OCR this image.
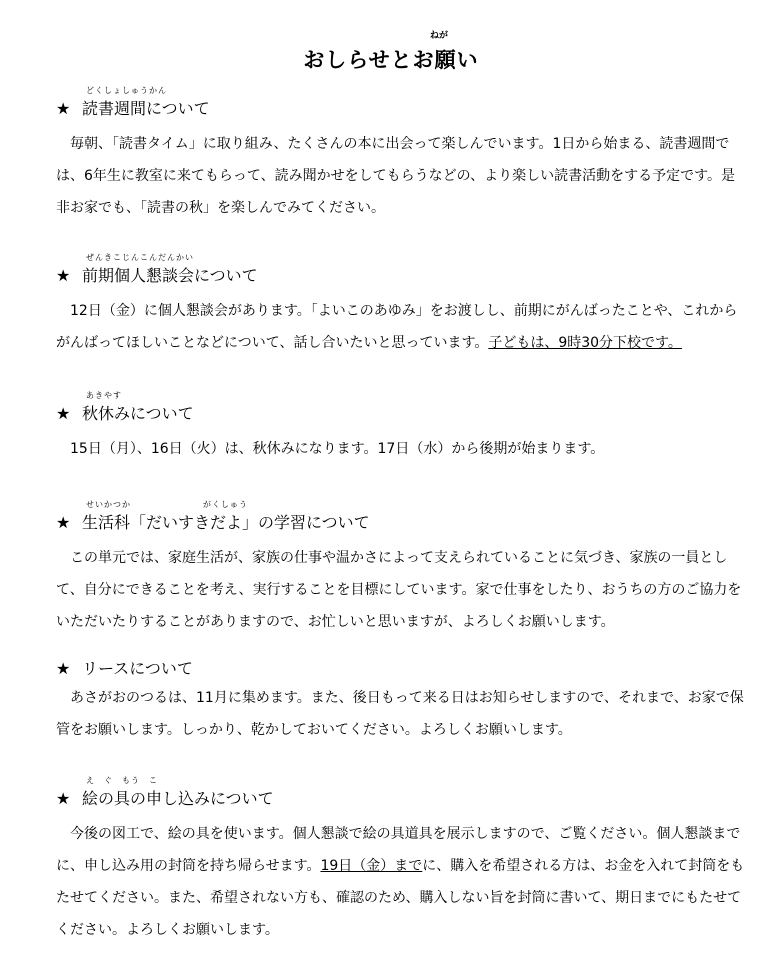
ねが
おしらせとお願い
どくしょしゅうかん
★ 読書週間について

毎朝、「読書タイム」に取り組み、たくさんの本に出会って楽しんでいます。1日から始まる、読書週間では、6年生に教室に来てもらって、読み聞かせをしてもらうなどの、より楽しい読書活動をする予定です。是非お家でも、「読書の秋」を楽しんでみてください。

ぜんきこじんこんだんかい
★ 前期個人懇談会について

12日（金）に個人懇談会があります。「よいこのあゆみ」をお渡しし、前期にがんばったことや、これからがんばってほしいことなどについて、話し合いたいと思っています。子どもは、9時30分下校です。

あきやす
★ 秋休みについて

15日（月）、16日（火）は、秋休みになります。17日（水）から後期が始まります。

せいかつか　　　　　　　　がくしゅう
★ 生活科「だいすきだよ」の学習について

この単元では、家庭生活が、家族の仕事や温かさによって支えられていることに気づき、家族の一員として、自分にできることを考え、実行することを目標にしています。家で仕事をしたり、おうちの方のご協力をいただいたりすることがありますので、お忙しいと思いますが、よろしくお願いします。

★ リースについて

あさがおのつるは、11月に集めます。また、後日もって来る日はお知らせしますので、それまで、お家で保管をお願いします。しっかり、乾かしておいてください。よろしくお願いします。

え　ぐ　もう　こ
★ 絵の具の申し込みについて

今後の図工で、絵の具を使います。個人懇談で絵の具道具を展示しますので、ご覧ください。個人懇談までに、申し込み用の封筒を持ち帰らせます。19日（金）までに、購入を希望される方は、お金を入れて封筒をもたせてください。また、希望されない方も、確認のため、購入しない旨を封筒に書いて、期日までにもたせてください。よろしくお願いします。
